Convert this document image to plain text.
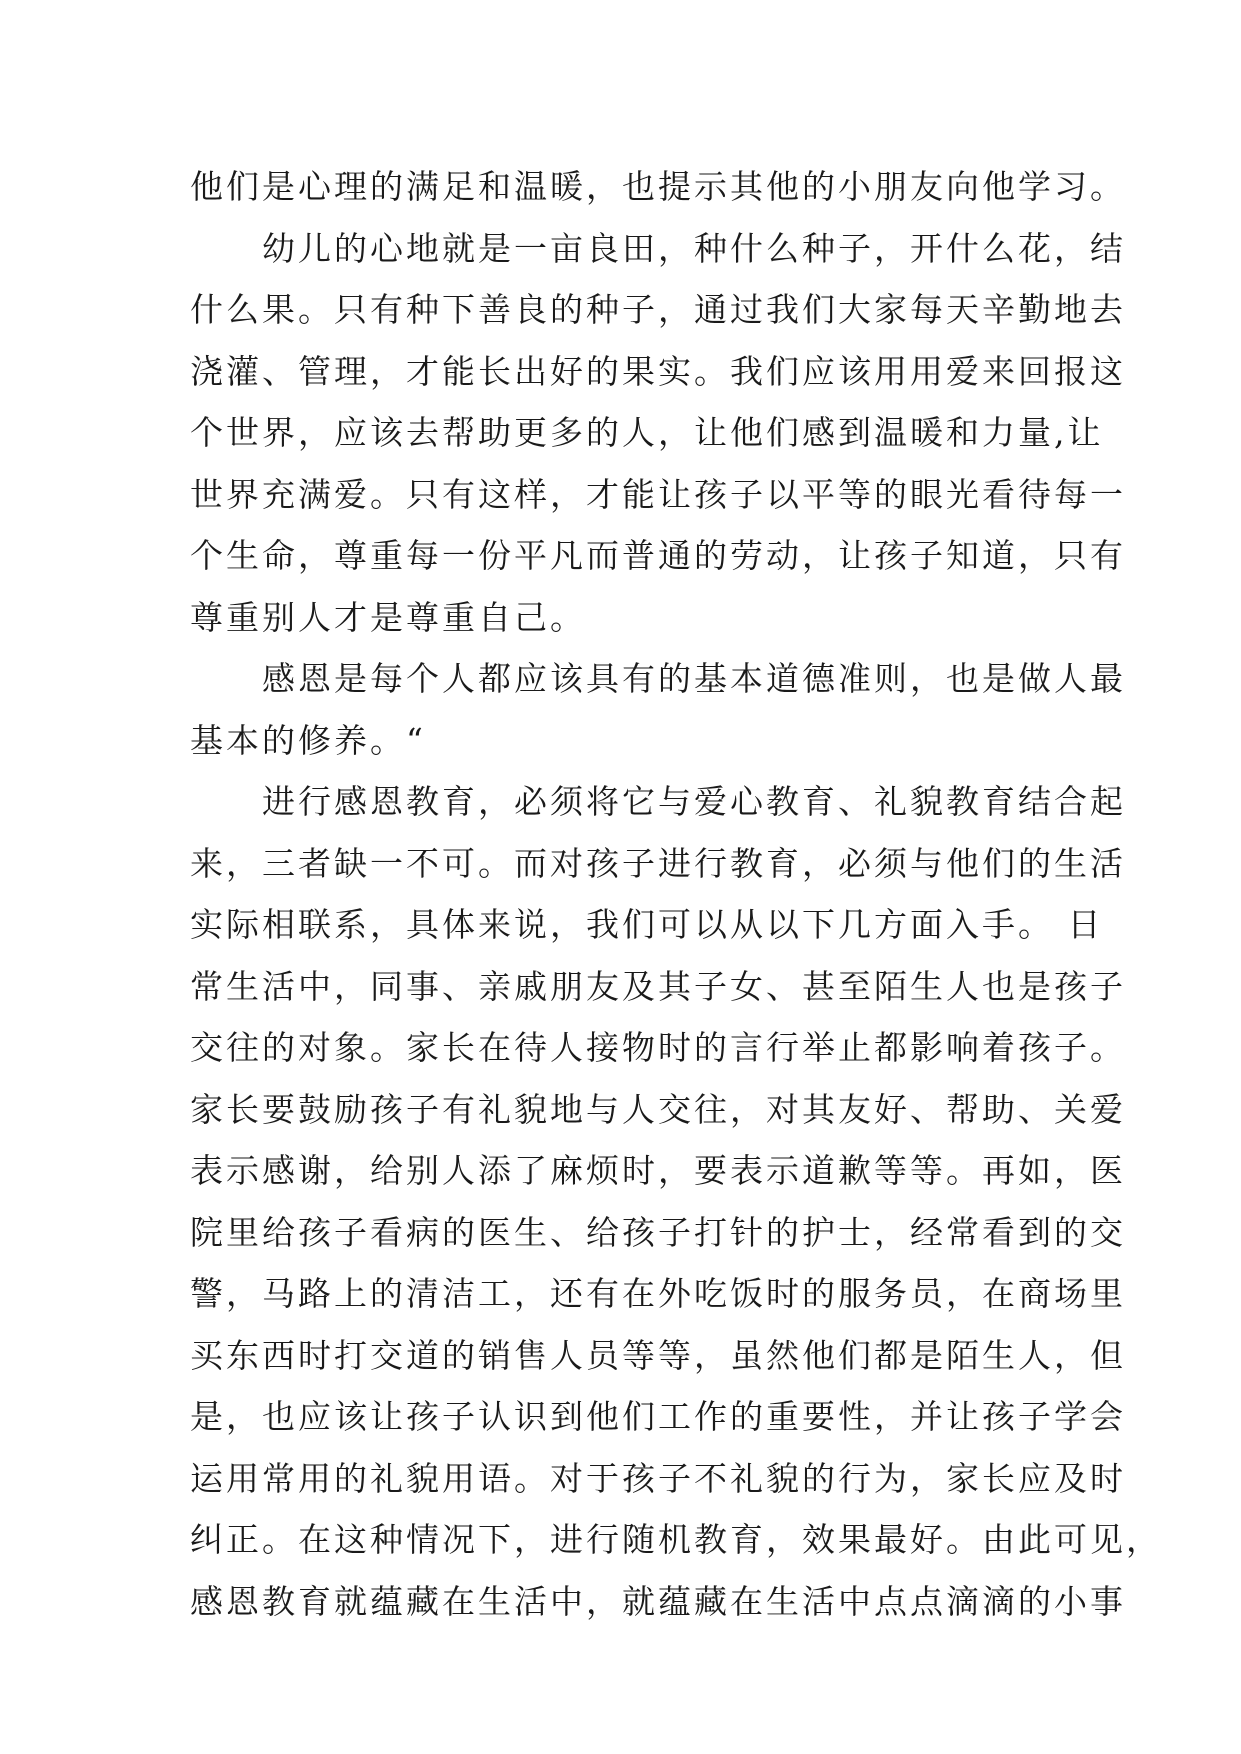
他们是心理的满足和温暖，也提示其他的小朋友向他学习。
　　幼儿的心地就是一亩良田，种什么种子，开什么花，结
什么果。只有种下善良的种子，通过我们大家每天辛勤地去
浇灌、管理，才能长出好的果实。我们应该用用爱来回报这
个世界，应该去帮助更多的人，让他们感到温暖和力量,让
世界充满爱。只有这样，才能让孩子以平等的眼光看待每一
个生命，尊重每一份平凡而普通的劳动，让孩子知道，只有
尊重别人才是尊重自己。
　　感恩是每个人都应该具有的基本道德准则，也是做人最
基本的修养。“
　　进行感恩教育，必须将它与爱心教育、礼貌教育结合起
来，三者缺一不可。而对孩子进行教育，必须与他们的生活
实际相联系，具体来说，我们可以从以下几方面入手。 日
常生活中，同事、亲戚朋友及其子女、甚至陌生人也是孩子
交往的对象。家长在待人接物时的言行举止都影响着孩子。
家长要鼓励孩子有礼貌地与人交往，对其友好、帮助、关爱
表示感谢，给别人添了麻烦时，要表示道歉等等。再如，医
院里给孩子看病的医生、给孩子打针的护士，经常看到的交
警，马路上的清洁工，还有在外吃饭时的服务员，在商场里
买东西时打交道的销售人员等等，虽然他们都是陌生人，但
是，也应该让孩子认识到他们工作的重要性，并让孩子学会
运用常用的礼貌用语。对于孩子不礼貌的行为，家长应及时
纠正。在这种情况下，进行随机教育，效果最好。由此可见，
感恩教育就蕴藏在生活中，就蕴藏在生活中点点滴滴的小事
